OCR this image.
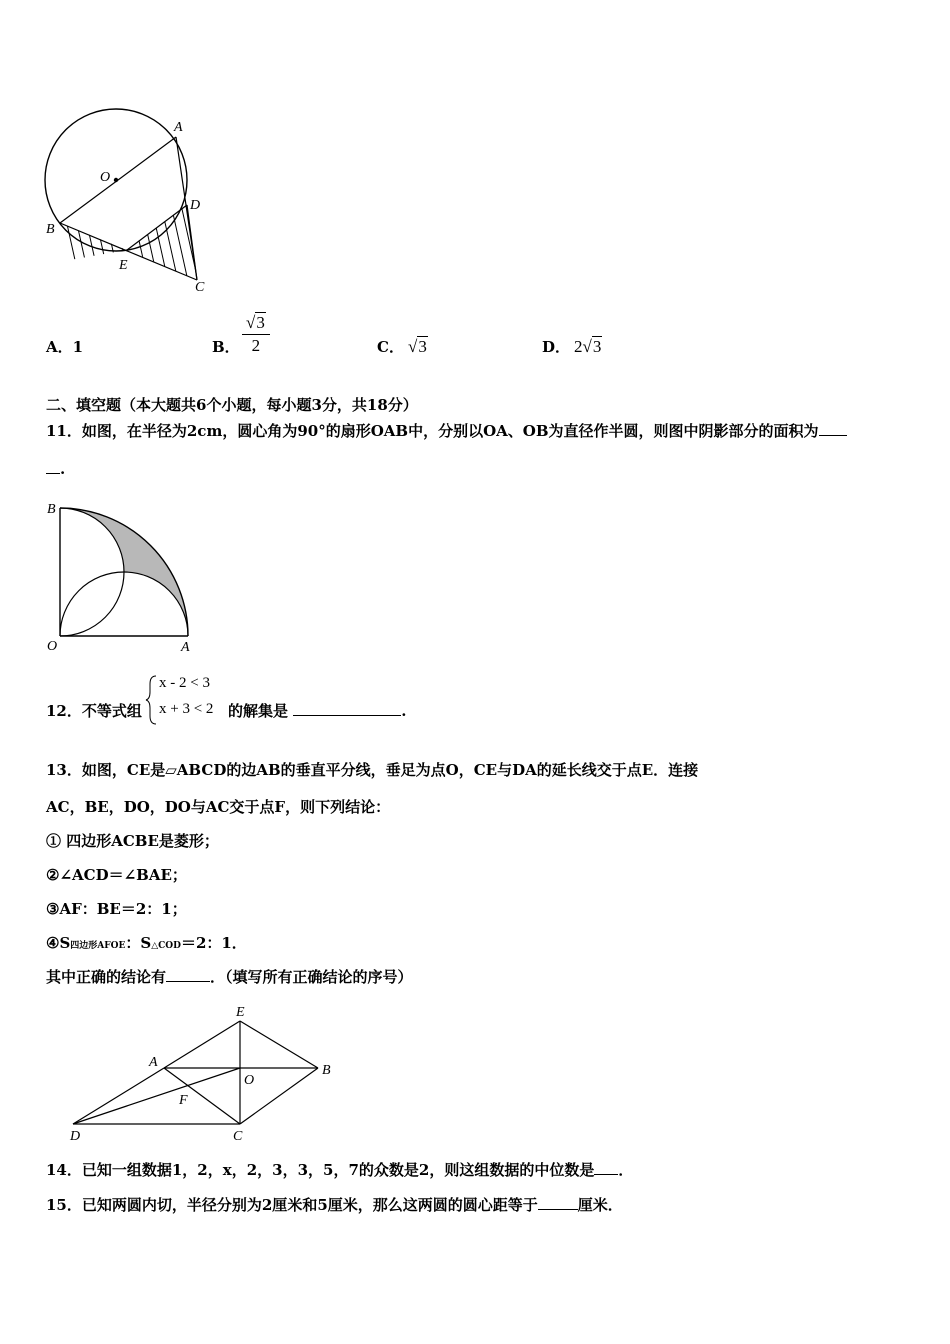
A
O
D
B
E
C
A．1	B． $\frac{√3}{2}$	C． √3	D． 2√3
二、填空题（本大题共6个小题，每小题3分，共18分）
11．如图，在半径为2cm，圆心角为90°的扇形OAB中，分别以OA、OB为直径作半圆，则图中阴影部分的面积为
.
B
O	A
12．不等式组
x - 2 < 3
x + 3 < 2 的解集是	.
13．如图，CE是▱ABCD的边AB的垂直平分线，垂足为点O，CE与DA的延长线交于点E．连接
AC，BE，DO，DO与AC交于点F，则下列结论：
① 四边形ACBE是菱形；
②∠ACD＝∠BAE；
③AF：BE＝2：1；
④S四边形AFOE：S△COD＝2：1．
其中正确的结论有	．（填写所有正确结论的序号）
E
A
O
B
F
D	C
14．已知一组数据1，2，x，2，3，3，5，7的众数是2，则这组数据的中位数是 ．
15．已知两圆内切，半径分别为2厘米和5厘米，那么这两圆的圆心距等于	厘米．
